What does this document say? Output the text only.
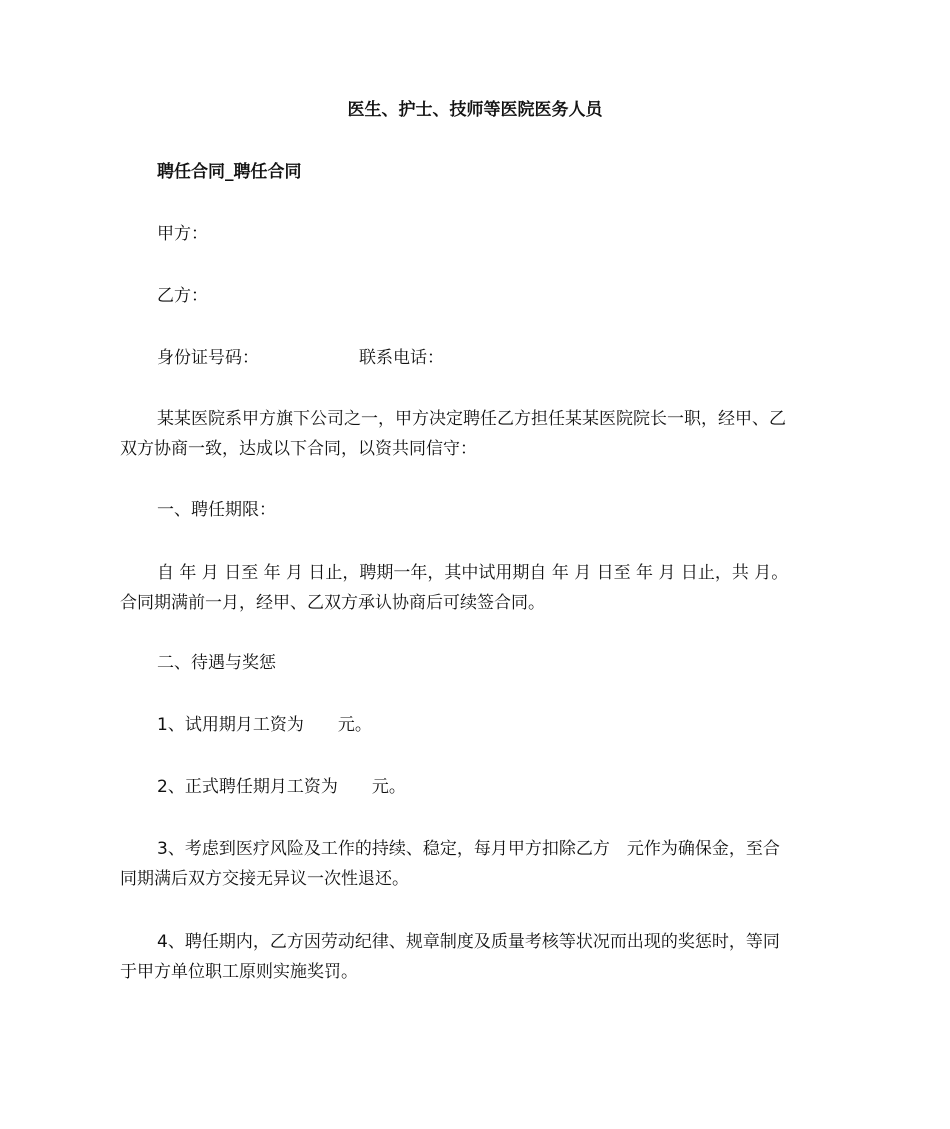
医生、护士、技师等医院医务人员
聘任合同_聘任合同
甲方：
乙方：
身份证号码：	联系电话：
某某医院系甲方旗下公司之一，甲方决定聘任乙方担任某某医院院长一职，经甲、乙
双方协商一致，达成以下合同，以资共同信守：
一、聘任期限：
自 年 月 日至 年 月 日止，聘期一年，其中试用期自 年 月 日至 年 月 日止，共 月。
合同期满前一月，经甲、乙双方承认协商后可续签合同。
二、待遇与奖惩
1、试用期月工资为　　元。
2、正式聘任期月工资为　　元。
3、考虑到医疗风险及工作的持续、稳定，每月甲方扣除乙方　元作为确保金，至合
同期满后双方交接无异议一次性退还。
4、聘任期内，乙方因劳动纪律、规章制度及质量考核等状况而出现的奖惩时，等同
于甲方单位职工原则实施奖罚。
